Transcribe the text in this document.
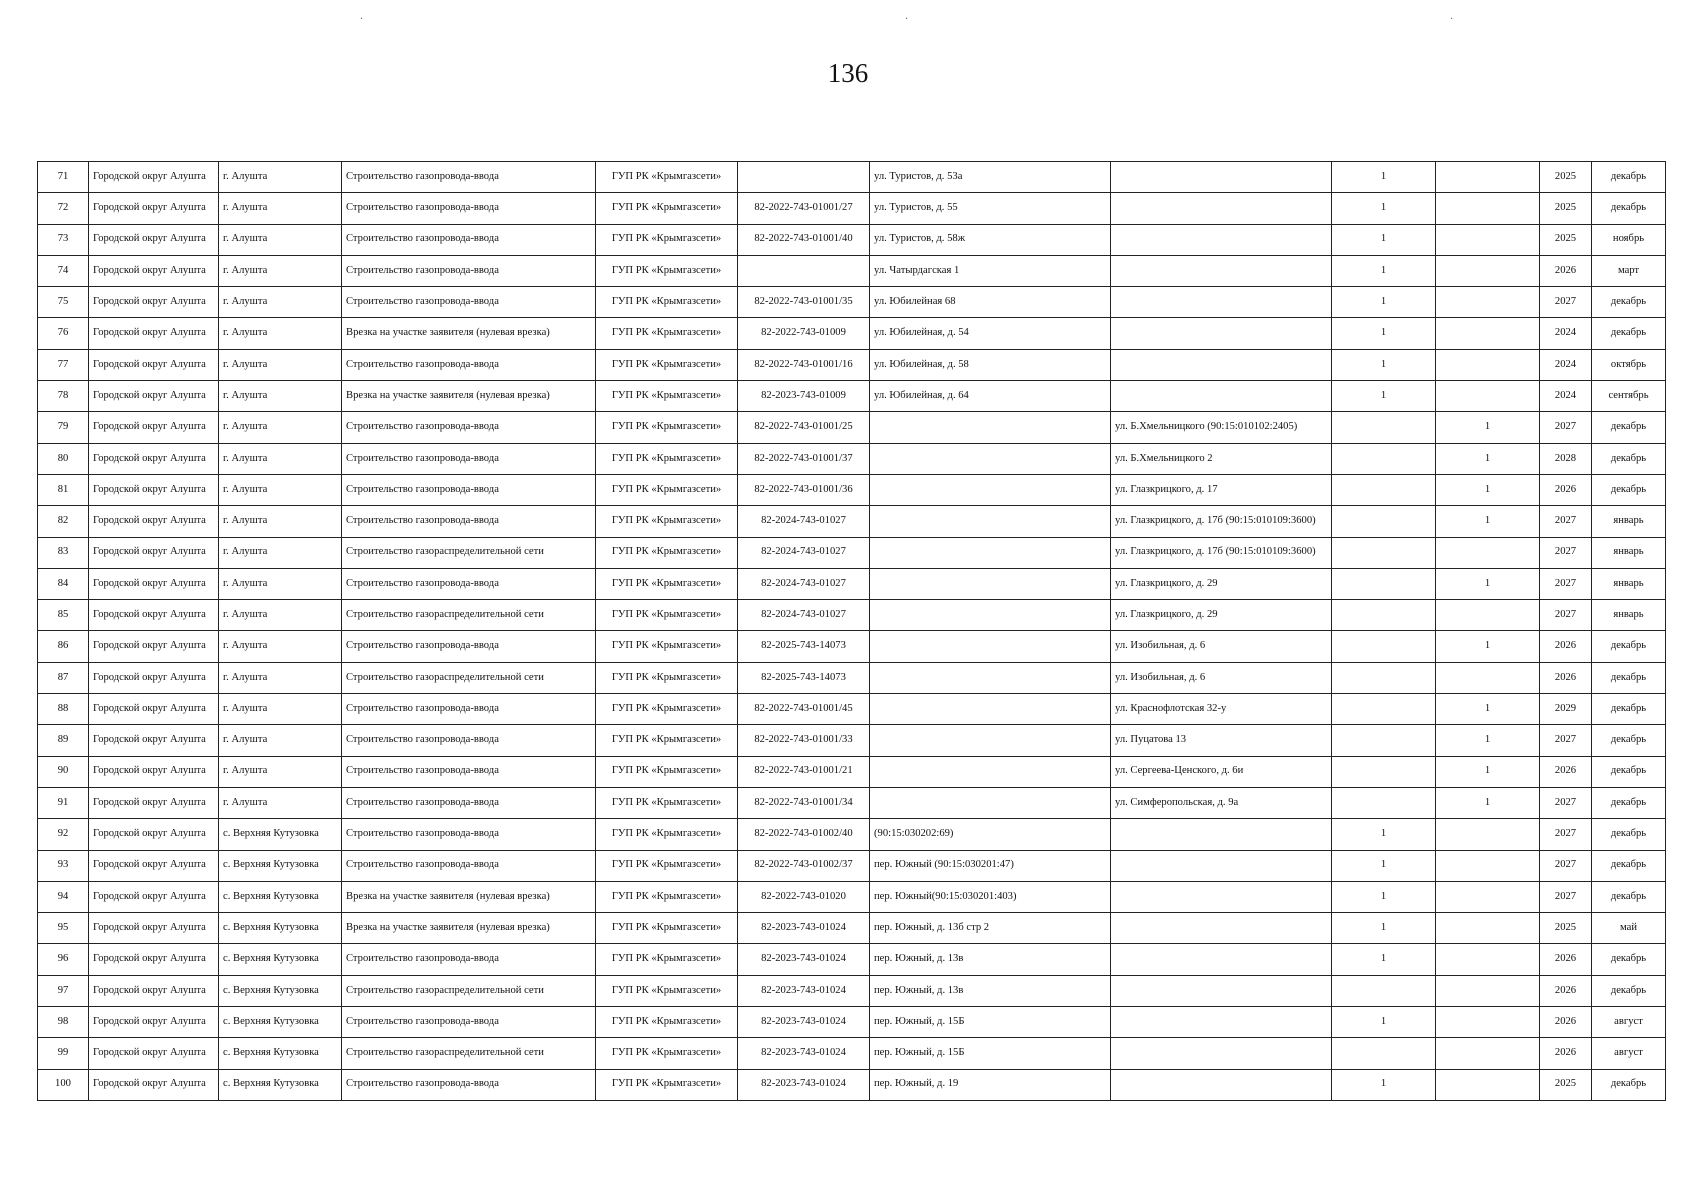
136
·	·	·
71	Городской округ Алушта	г. Алушта	Строительство газопровода-ввода	ГУП РК «Крымгазсети»		ул. Туристов, д. 53а		1		2025	декабрь
72	Городской округ Алушта	г. Алушта	Строительство газопровода-ввода	ГУП РК «Крымгазсети»	82-2022-743-01001/27	ул. Туристов, д. 55		1		2025	декабрь
73	Городской округ Алушта	г. Алушта	Строительство газопровода-ввода	ГУП РК «Крымгазсети»	82-2022-743-01001/40	ул. Туристов, д. 58ж		1		2025	ноябрь
74	Городской округ Алушта	г. Алушта	Строительство газопровода-ввода	ГУП РК «Крымгазсети»		ул. Чатырдагская 1		1		2026	март
75	Городской округ Алушта	г. Алушта	Строительство газопровода-ввода	ГУП РК «Крымгазсети»	82-2022-743-01001/35	ул. Юбилейная 68		1		2027	декабрь
76	Городской округ Алушта	г. Алушта	Врезка на участке заявителя (нулевая врезка)	ГУП РК «Крымгазсети»	82-2022-743-01009	ул. Юбилейная, д. 54		1		2024	декабрь
77	Городской округ Алушта	г. Алушта	Строительство газопровода-ввода	ГУП РК «Крымгазсети»	82-2022-743-01001/16	ул. Юбилейная, д. 58		1		2024	октябрь
78	Городской округ Алушта	г. Алушта	Врезка на участке заявителя (нулевая врезка)	ГУП РК «Крымгазсети»	82-2023-743-01009	ул. Юбилейная, д. 64		1		2024	сентябрь
79	Городской округ Алушта	г. Алушта	Строительство газопровода-ввода	ГУП РК «Крымгазсети»	82-2022-743-01001/25		ул. Б.Хмельницкого (90:15:010102:2405)		1	2027	декабрь
80	Городской округ Алушта	г. Алушта	Строительство газопровода-ввода	ГУП РК «Крымгазсети»	82-2022-743-01001/37		ул. Б.Хмельницкого 2		1	2028	декабрь
81	Городской округ Алушта	г. Алушта	Строительство газопровода-ввода	ГУП РК «Крымгазсети»	82-2022-743-01001/36		ул. Глазкрицкого, д. 17		1	2026	декабрь
82	Городской округ Алушта	г. Алушта	Строительство газопровода-ввода	ГУП РК «Крымгазсети»	82-2024-743-01027		ул. Глазкрицкого, д. 17б (90:15:010109:3600)		1	2027	январь
83	Городской округ Алушта	г. Алушта	Строительство газораспределительной сети	ГУП РК «Крымгазсети»	82-2024-743-01027		ул. Глазкрицкого, д. 17б (90:15:010109:3600)			2027	январь
84	Городской округ Алушта	г. Алушта	Строительство газопровода-ввода	ГУП РК «Крымгазсети»	82-2024-743-01027		ул. Глазкрицкого, д. 29		1	2027	январь
85	Городской округ Алушта	г. Алушта	Строительство газораспределительной сети	ГУП РК «Крымгазсети»	82-2024-743-01027		ул. Глазкрицкого, д. 29			2027	январь
86	Городской округ Алушта	г. Алушта	Строительство газопровода-ввода	ГУП РК «Крымгазсети»	82-2025-743-14073		ул. Изобильная, д. 6		1	2026	декабрь
87	Городской округ Алушта	г. Алушта	Строительство газораспределительной сети	ГУП РК «Крымгазсети»	82-2025-743-14073		ул. Изобильная, д. 6			2026	декабрь
88	Городской округ Алушта	г. Алушта	Строительство газопровода-ввода	ГУП РК «Крымгазсети»	82-2022-743-01001/45		ул. Краснофлотская 32-у		1	2029	декабрь
89	Городской округ Алушта	г. Алушта	Строительство газопровода-ввода	ГУП РК «Крымгазсети»	82-2022-743-01001/33		ул. Пуцатова 13		1	2027	декабрь
90	Городской округ Алушта	г. Алушта	Строительство газопровода-ввода	ГУП РК «Крымгазсети»	82-2022-743-01001/21		ул. Сергеева-Ценского, д. 6и		1	2026	декабрь
91	Городской округ Алушта	г. Алушта	Строительство газопровода-ввода	ГУП РК «Крымгазсети»	82-2022-743-01001/34		ул. Симферопольская, д. 9а		1	2027	декабрь
92	Городской округ Алушта	с. Верхняя Кутузовка	Строительство газопровода-ввода	ГУП РК «Крымгазсети»	82-2022-743-01002/40	(90:15:030202:69)		1		2027	декабрь
93	Городской округ Алушта	с. Верхняя Кутузовка	Строительство газопровода-ввода	ГУП РК «Крымгазсети»	82-2022-743-01002/37	пер. Южный (90:15:030201:47)		1		2027	декабрь
94	Городской округ Алушта	с. Верхняя Кутузовка	Врезка на участке заявителя (нулевая врезка)	ГУП РК «Крымгазсети»	82-2022-743-01020	пер. Южный(90:15:030201:403)		1		2027	декабрь
95	Городской округ Алушта	с. Верхняя Кутузовка	Врезка на участке заявителя (нулевая врезка)	ГУП РК «Крымгазсети»	82-2023-743-01024	пер. Южный, д. 13б стр 2		1		2025	май
96	Городской округ Алушта	с. Верхняя Кутузовка	Строительство газопровода-ввода	ГУП РК «Крымгазсети»	82-2023-743-01024	пер. Южный, д. 13в		1		2026	декабрь
97	Городской округ Алушта	с. Верхняя Кутузовка	Строительство газораспределительной сети	ГУП РК «Крымгазсети»	82-2023-743-01024	пер. Южный, д. 13в				2026	декабрь
98	Городской округ Алушта	с. Верхняя Кутузовка	Строительство газопровода-ввода	ГУП РК «Крымгазсети»	82-2023-743-01024	пер. Южный, д. 15Б		1		2026	август
99	Городской округ Алушта	с. Верхняя Кутузовка	Строительство газораспределительной сети	ГУП РК «Крымгазсети»	82-2023-743-01024	пер. Южный, д. 15Б				2026	август
100	Городской округ Алушта	с. Верхняя Кутузовка	Строительство газопровода-ввода	ГУП РК «Крымгазсети»	82-2023-743-01024	пер. Южный, д. 19		1		2025	декабрь
